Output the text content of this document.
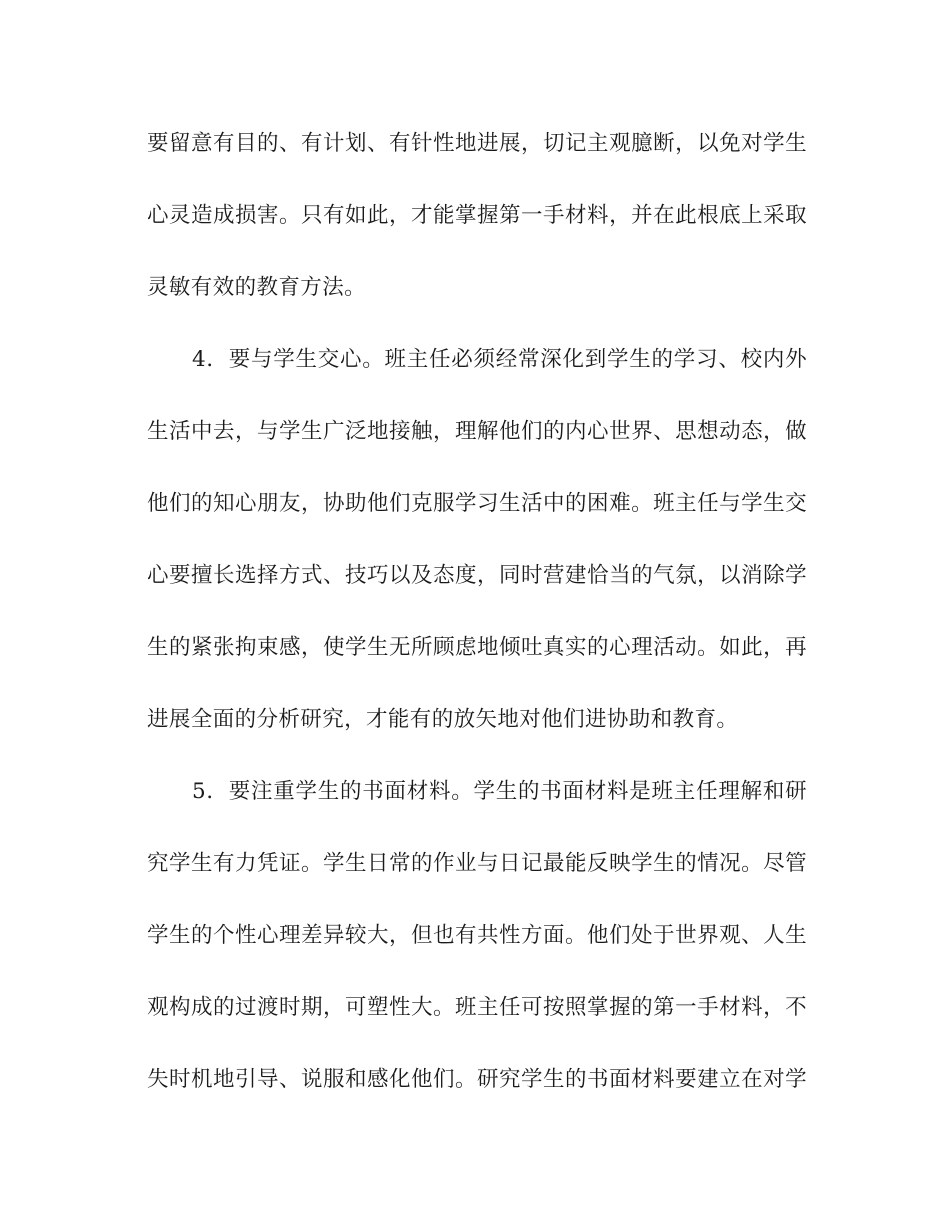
要留意有目的、有计划、有针性地进展，切记主观臆断，以免对学生
心灵造成损害。只有如此，才能掌握第一手材料，并在此根底上采取
灵敏有效的教育方法。
4．要与学生交心。班主任必须经常深化到学生的学习、校内外
生活中去，与学生广泛地接触，理解他们的内心世界、思想动态，做
他们的知心朋友，协助他们克服学习生活中的困难。班主任与学生交
心要擅长选择方式、技巧以及态度，同时营建恰当的气氛，以消除学
生的紧张拘束感，使学生无所顾虑地倾吐真实的心理活动。如此，再
进展全面的分析研究，才能有的放矢地对他们进协助和教育。
5．要注重学生的书面材料。学生的书面材料是班主任理解和研
究学生有力凭证。学生日常的作业与日记最能反映学生的情况。尽管
学生的个性心理差异较大，但也有共性方面。他们处于世界观、人生
观构成的过渡时期，可塑性大。班主任可按照掌握的第一手材料，不
失时机地引导、说服和感化他们。研究学生的书面材料要建立在对学
